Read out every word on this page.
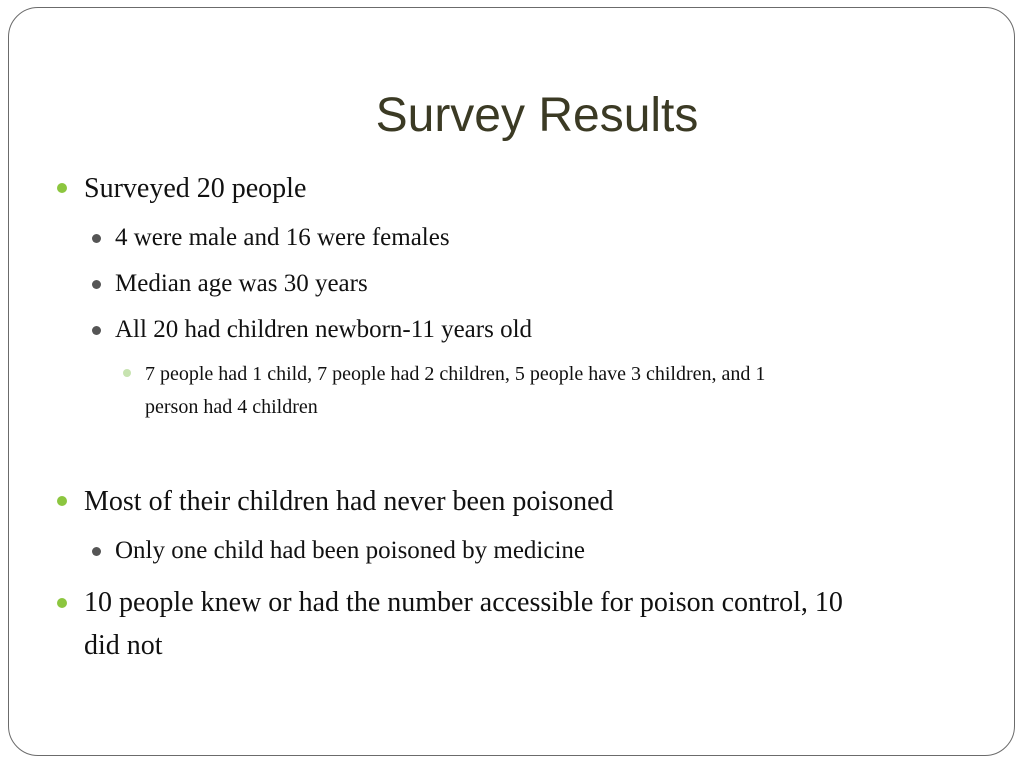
Survey Results

Surveyed 20 people

4 were male and 16 were females

Median age was 30 years

All 20 had children newborn-11 years old

7 people had 1 child, 7 people had 2 children, 5 people have 3 children, and 1

person had 4 children

Most of their children had never been poisoned

Only one child had been poisoned by medicine

10 people knew or had the number accessible for poison control, 10

did not
